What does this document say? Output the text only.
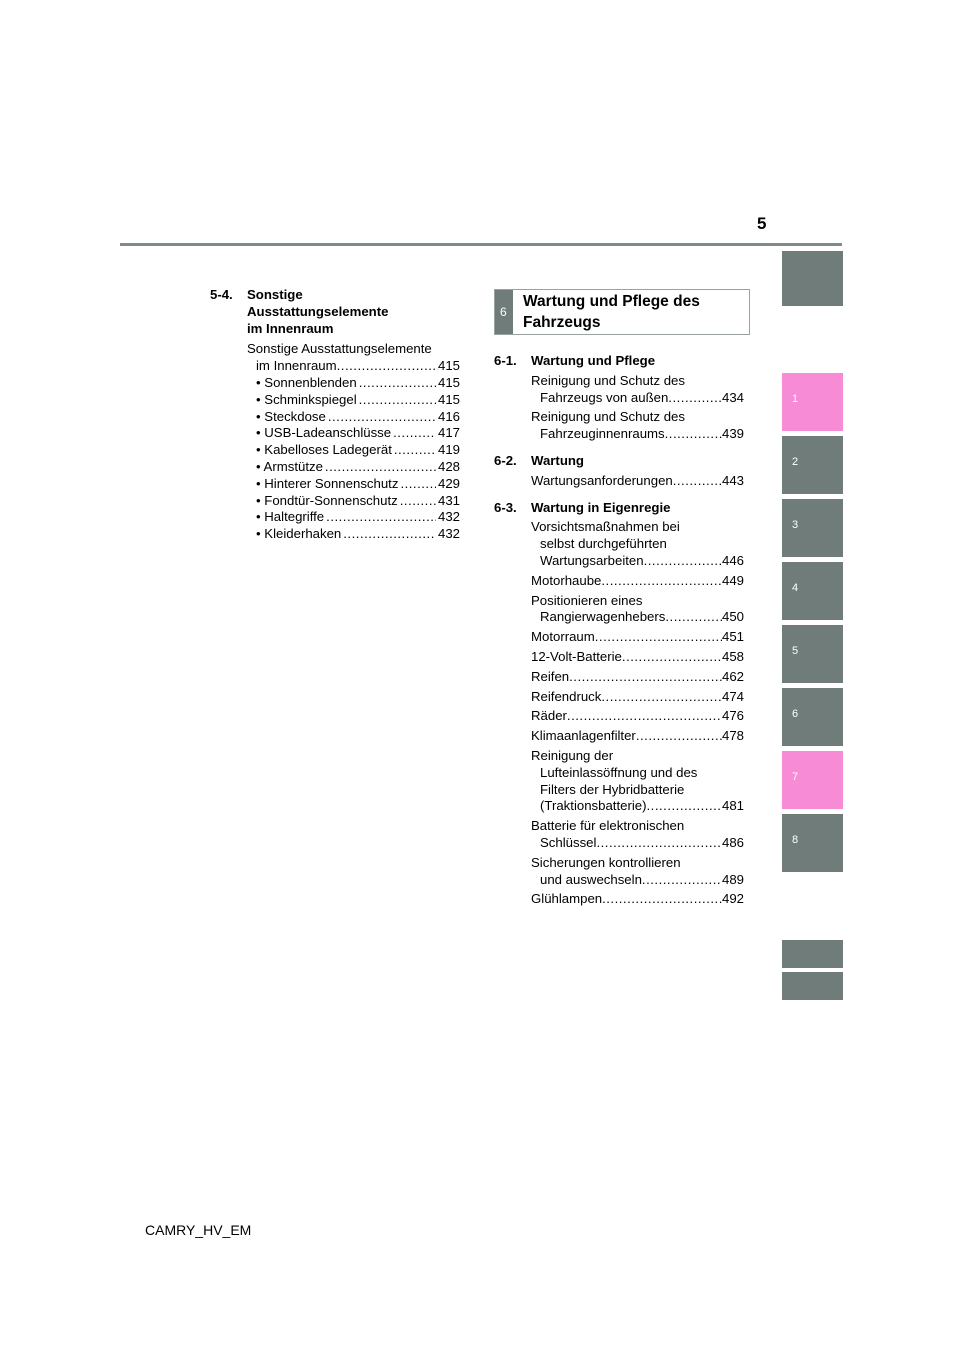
5
1
2
3
4
5
6
7
8
5-4.	Sonstige
Ausstattungselemente
im Innenraum
Sonstige Ausstattungselemente
im Innenraum .....	415
• Sonnenblenden .....	415
• Schminkspiegel .....	415
• Steckdose .....	416
• USB-Ladeanschlüsse .....	417
• Kabelloses Ladegerät .....	419
• Armstütze .....	428
• Hinterer Sonnenschutz .....	429
• Fondtür-Sonnenschutz .....	431
• Haltegriffe .....	432
• Kleiderhaken .....	432
6
Wartung und Pflege des
Fahrzeugs
6-1.	Wartung und Pflege
Reinigung und Schutz des
Fahrzeugs von außen .....	434
Reinigung und Schutz des
Fahrzeuginnenraums .....	439
6-2.	Wartung
Wartungsanforderungen .....	443
6-3.	Wartung in Eigenregie
Vorsichtsmaßnahmen bei
selbst durchgeführten
Wartungsarbeiten .....	446
Motorhaube .....	449
Positionieren eines
Rangierwagenhebers .....	450
Motorraum .....	451
12-Volt-Batterie .....	458
Reifen .....	462
Reifendruck .....	474
Räder .....	476
Klimaanlagenfilter .....	478
Reinigung der
Lufteinlassöffnung und des
Filters der Hybridbatterie
(Traktionsbatterie) .....	481
Batterie für elektronischen
Schlüssel .....	486
Sicherungen kontrollieren
und auswechseln .....	489
Glühlampen .....	492
CAMRY_HV_EM
